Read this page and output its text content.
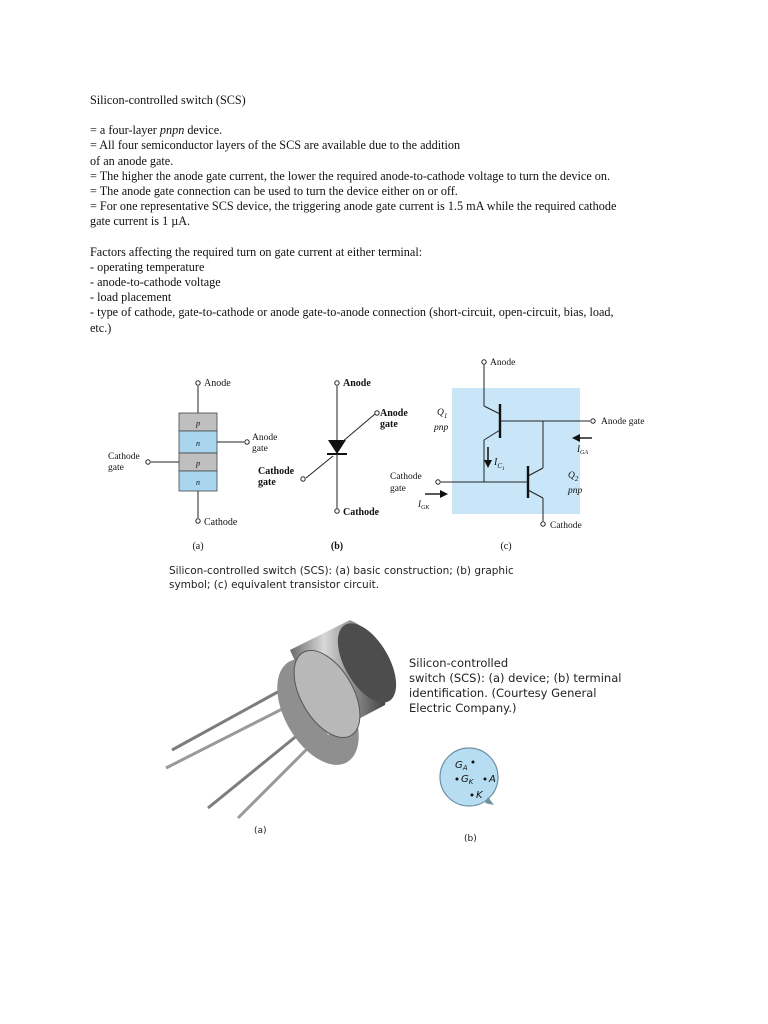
Silicon-controlled switch (SCS)

= a four-layer pnpn device.

= All four semiconductor layers of the SCS are available due to the addition

of an anode gate.

= The higher the anode gate current, the lower the required anode-to-cathode voltage to turn the device on.

= The anode gate connection can be used to turn the device either on or off.

= For one representative SCS device, the triggering anode gate current is 1.5 mA while the required cathode

gate current is 1 µA.

Factors affecting the required turn on gate current at either terminal:

- operating temperature

- anode-to-cathode voltage

- load placement

- type of cathode, gate-to-cathode or anode gate-to-anode connection (short-circuit, open-circuit, bias, load,

etc.)

Anode
p
n
p
n
Cathode
Anode
gate
Cathode
gate
(a)
Anode
Cathode
Anode
gate
Cathode
gate
(b)
Anode
Anode gate
$Q_1$
pnp
$I_{C1}$
Cathode
$Q_2$
pnp
$I_{GA}$
Cathode
gate
$I_{GK}$
(c)
Silicon-controlled switch (SCS): (a) basic construction; (b) graphic
symbol; (c) equivalent transistor circuit.
(a)
$G_A$
$G_K$ A
K
(b)
Silicon-controlled
switch (SCS): (a) device; (b) terminal
identification. (Courtesy General
Electric Company.)
